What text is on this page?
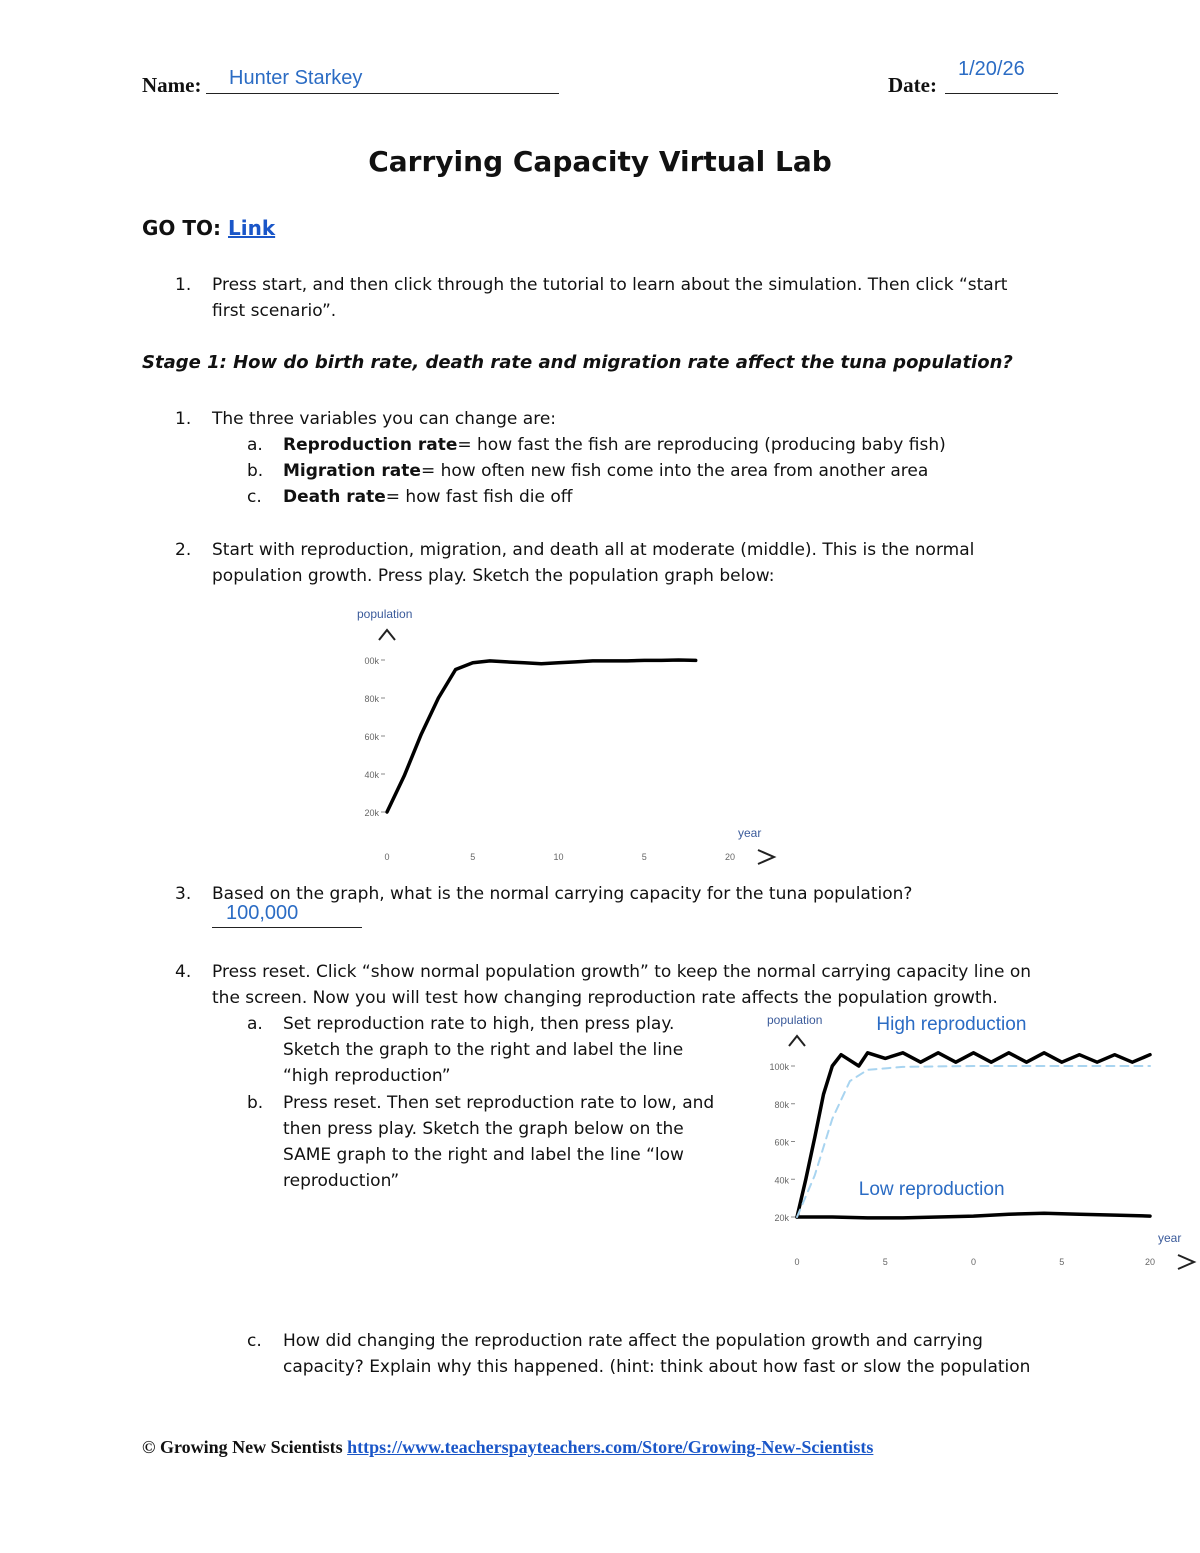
Name: Hunter Starkey	Date:
1/20/26
Carrying Capacity Virtual Lab
GO TO: Link
1.	Press start, and then click through the tutorial to learn about the simulation. Then click “start
first scenario”.
Stage 1: How do birth rate, death rate and migration rate affect the tuna population?
1.	The three variables you can change are:
a. Reproduction rate= how fast the fish are reproducing (producing baby fish)
b. Migration rate= how often new fish come into the area from another area
c. Death rate= how fast fish die off
2.	Start with reproduction, migration, and death all at moderate (middle). This is the normal
population growth. Press play. Sketch the population graph below:
population
year
20k
40k
60k
80k
00k
0	5	10	5	20
3.	Based on the graph, what is the normal carrying capacity for the tuna population?
100,000
4.	Press reset. Click “show normal population growth” to keep the normal carrying capacity line on
the screen. Now you will test how changing reproduction rate affects the population growth.
a.	Set reproduction rate to high, then press play.
Sketch the graph to the right and label the line
“high reproduction”
b.	Press reset. Then set reproduction rate to low, and
then press play. Sketch the graph below on the
SAME graph to the right and label the line “low
reproduction”
population
year
20k
40k
60k
80k
100k
0	5	0	5	20
High reproduction
Low reproduction
c.	How did changing the reproduction rate affect the population growth and carrying
capacity? Explain why this happened. (hint: think about how fast or slow the population
© Growing New Scientists https://www.teacherspayteachers.com/Store/Growing-New-Scientists
